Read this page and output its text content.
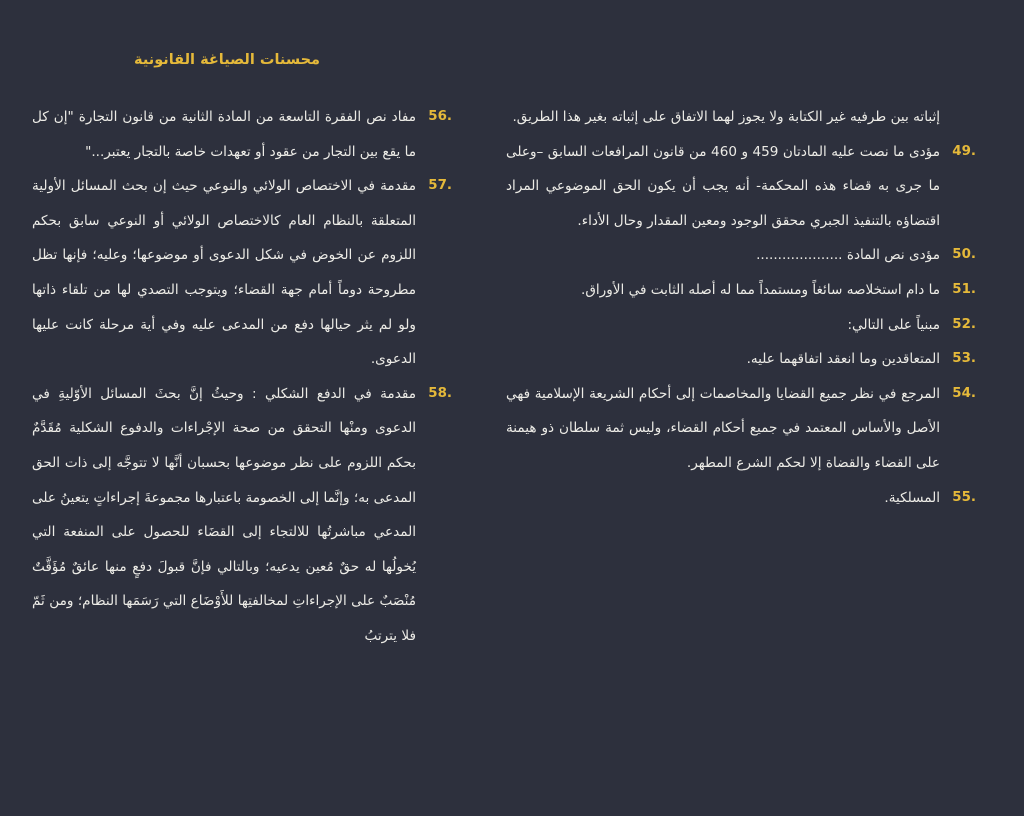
محسنات الصياغة القانونية
إثباته بين طرفيه غير الكتابة ولا يجوز لهما الاتفاق على إثباته بغير هذا الطريق.
49.
مؤدى ما نصت عليه المادتان 459 و 460 من قانون المرافعات السابق –وعلى ما جرى به قضاء هذه المحكمة- أنه يجب أن يكون الحق الموضوعي المراد اقتضاؤه بالتنفيذ الجبري محقق الوجود ومعين المقدار وحال الأداء.
50.
مؤدى نص المادة ....................
51.
ما دام استخلاصه سائغاً ومستمداً مما له أصله الثابت في الأوراق.
52.
مبنياً على التالي:
53.
المتعاقدين وما انعقد اتفاقهما عليه.
54.
المرجع في نظر جميع القضايا والمخاصمات إلى أحكام الشريعة الإسلامية فهي الأصل والأساس المعتمد في جميع أحكام القضاء، وليس ثمة سلطان ذو هيمنة على القضاء والقضاة إلا لحكم الشرع المطهر.
55.
المسلكية.
56.
مفاد نص الفقرة التاسعة من المادة الثانية من قانون التجارة "إن كل ما يقع بين التجار من عقود أو تعهدات خاصة بالتجار يعتبر..."
57.
مقدمة في الاختصاص الولائي والنوعي حيث إن بحث المسائل الأولية المتعلقة بالنظام العام كالاختصاص الولائي أو النوعي سابق بحكم اللزوم عن الخوض في شكل الدعوى أو موضوعها؛ وعليه؛ فإنها تظل مطروحة دوماً أمام جهة القضاء؛ ويتوجب التصدي لها من تلقاء ذاتها ولو لم يثر حيالها دفع من المدعى عليه وفي أية مرحلة كانت عليها الدعوى.
58.
مقدمة في الدفع الشكلي : وحيثُ إنَّ بحثَ المسائل الأوّليةِ في الدعوى ومنْها التحقق من صحة الإجْراءات والدفوع الشكلية مُقَدَّمٌ بحكم اللزوم على نظر موضوعها بحسبان أنَّها لا تتوجَّه إلى ذات الحق المدعى به؛ وإنَّما إلى الخصومة باعتبارها مجموعةَ إجراءاتٍ يتعينُ على المدعي مباشرتُها للالتجاء إلى القضَاء للحصول على المنفعة التي يُخولُها له حقٌ مُعين يدعيه؛ وبالتالي فإنَّ قبولَ دفعٍ منها عائقٌ مُؤَقَّتٌ مُنْصَبٌ على الإجراءاتِ لمخالفتِها للأَوْضَاع التي رَسَمَها النظام؛ ومن ثَمّ فلا يترتبُ
